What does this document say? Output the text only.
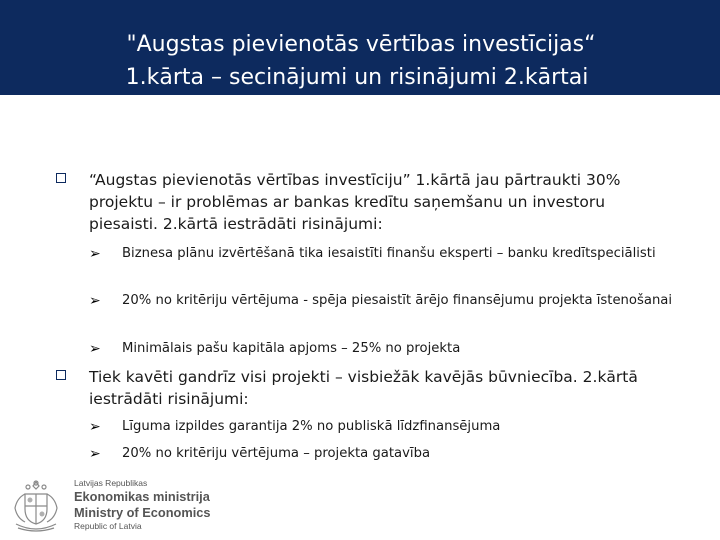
"Augstas pievienotās vērtības investīcijas“
1.kārta – secinājumi un risinājumi 2.kārtai
“Augstas pievienotās vērtības investīciju” 1.kārtā jau pārtraukti 30% projektu – ir problēmas ar bankas kredītu saņemšanu un investoru piesaisti. 2.kārtā iestrādāti risinājumi:
➢ Biznesa plānu izvērtēšanā tika iesaistīti finanšu eksperti – banku kredītspeciālisti
➢ 20% no kritēriju vērtējuma - spēja piesaistīt ārējo finansējumu projekta īstenošanai
➢ Minimālais pašu kapitāla apjoms – 25% no projekta
Tiek kavēti gandrīz visi projekti – visbiežāk kavējās būvniecība. 2.kārtā iestrādāti risinājumi:
➢ Līguma izpildes garantija 2% no publiskā līdzfinansējuma
➢ 20% no kritēriju vērtējuma – projekta gatavība
Latvijas Republikas
Ekonomikas ministrija
Ministry of Economics
Republic of Latvia
